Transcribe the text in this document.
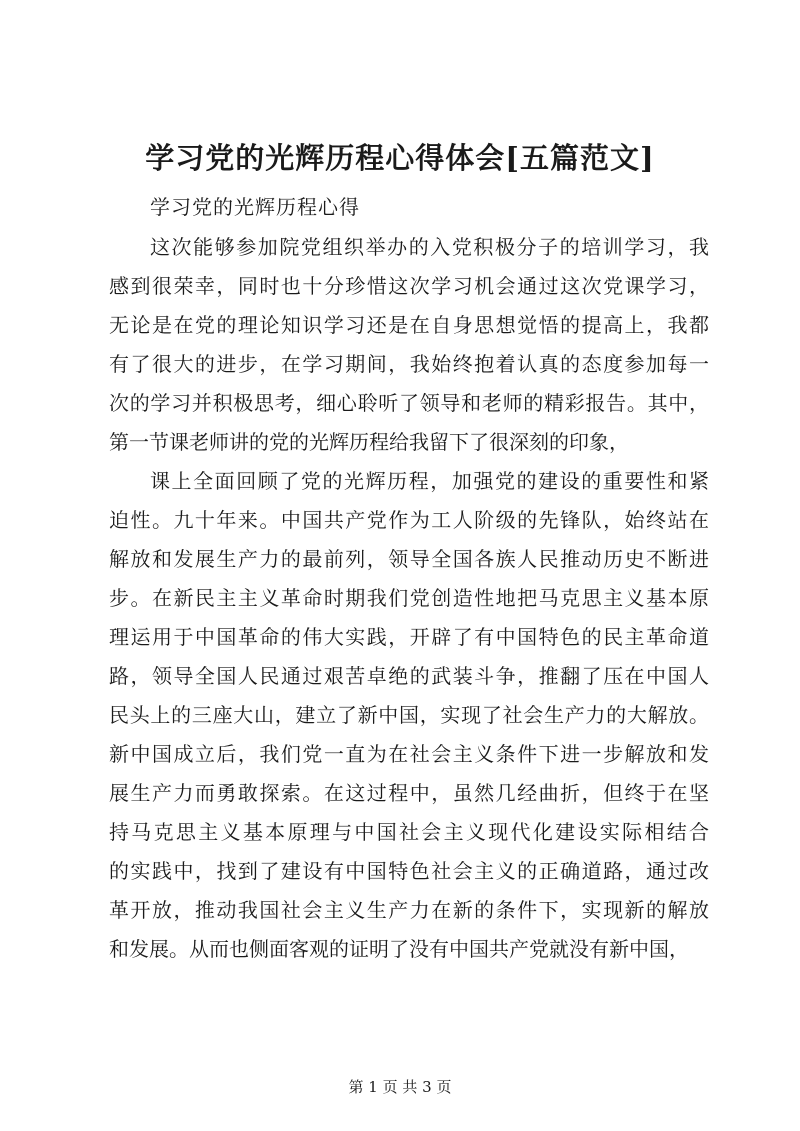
学习党的光辉历程心得体会[五篇范文]
学习党的光辉历程心得
这次能够参加院党组织举办的入党积极分子的培训学习，我
感到很荣幸，同时也十分珍惜这次学习机会通过这次党课学习，
无论是在党的理论知识学习还是在自身思想觉悟的提高上，我都
有了很大的进步，在学习期间，我始终抱着认真的态度参加每一
次的学习并积极思考，细心聆听了领导和老师的精彩报告。其中，
第一节课老师讲的党的光辉历程给我留下了很深刻的印象，
课上全面回顾了党的光辉历程，加强党的建设的重要性和紧
迫性。九十年来。中国共产党作为工人阶级的先锋队，始终站在
解放和发展生产力的最前列，领导全国各族人民推动历史不断进
步。在新民主主义革命时期我们党创造性地把马克思主义基本原
理运用于中国革命的伟大实践，开辟了有中国特色的民主革命道
路，领导全国人民通过艰苦卓绝的武装斗争，推翻了压在中国人
民头上的三座大山，建立了新中国，实现了社会生产力的大解放。
新中国成立后，我们党一直为在社会主义条件下进一步解放和发
展生产力而勇敢探索。在这过程中，虽然几经曲折，但终于在坚
持马克思主义基本原理与中国社会主义现代化建设实际相结合
的实践中，找到了建设有中国特色社会主义的正确道路，通过改
革开放，推动我国社会主义生产力在新的条件下，实现新的解放
和发展。从而也侧面客观的证明了没有中国共产党就没有新中国，
第 1 页 共 3 页
